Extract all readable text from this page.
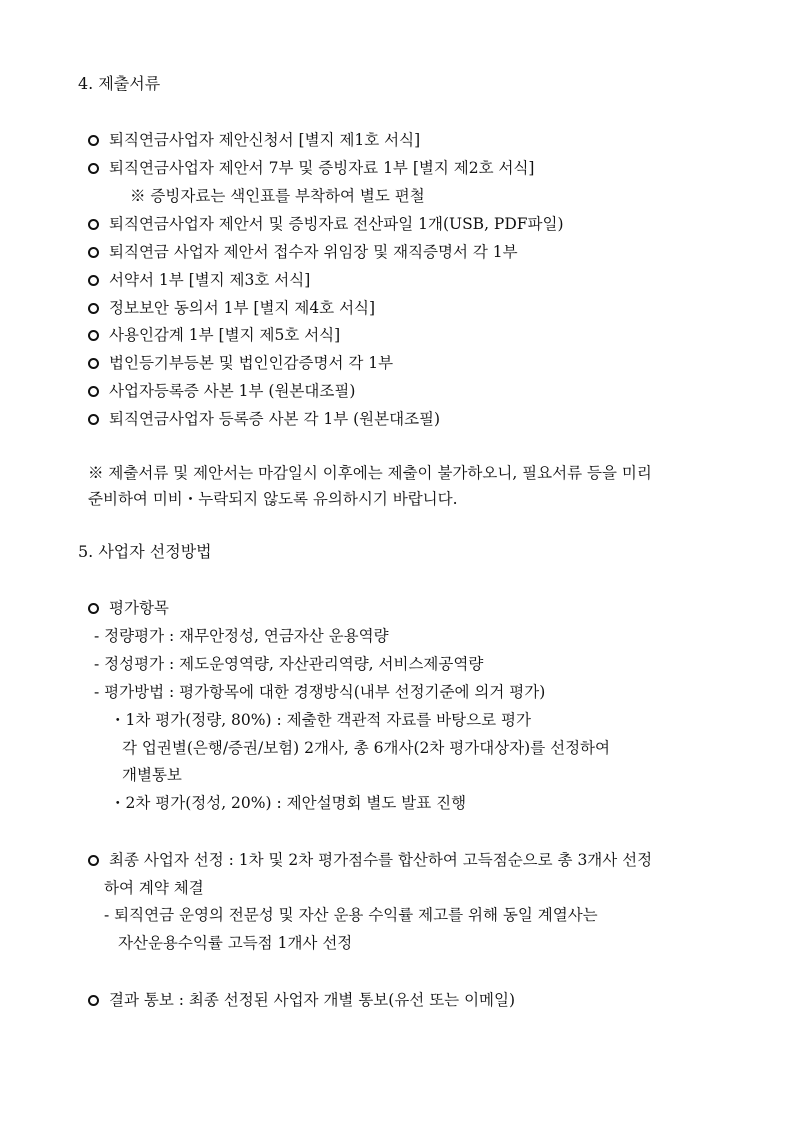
4. 제출서류
퇴직연금사업자 제안신청서 [별지 제1호 서식]
퇴직연금사업자 제안서 7부 및 증빙자료 1부 [별지 제2호 서식]
※ 증빙자료는 색인표를 부착하여 별도 편철
퇴직연금사업자 제안서 및 증빙자료 전산파일 1개(USB, PDF파일)
퇴직연금 사업자 제안서 접수자 위임장 및 재직증명서 각 1부
서약서 1부 [별지 제3호 서식]
정보보안 동의서 1부 [별지 제4호 서식]
사용인감계 1부 [별지 제5호 서식]
법인등기부등본 및 법인인감증명서 각 1부
사업자등록증 사본 1부 (원본대조필)
퇴직연금사업자 등록증 사본 각 1부 (원본대조필)
※ 제출서류 및 제안서는 마감일시 이후에는 제출이 불가하오니, 필요서류 등을 미리
준비하여 미비・누락되지 않도록 유의하시기 바랍니다.
5. 사업자 선정방법
평가항목
- 정량평가 : 재무안정성, 연금자산 운용역량
- 정성평가 : 제도운영역량, 자산관리역량, 서비스제공역량
- 평가방법 : 평가항목에 대한 경쟁방식(내부 선정기준에 의거 평가)
・1차 평가(정량, 80%) : 제출한 객관적 자료를 바탕으로 평가
각 업권별(은행/증권/보험) 2개사, 총 6개사(2차 평가대상자)를 선정하여
개별통보
・2차 평가(정성, 20%) : 제안설명회 별도 발표 진행
최종 사업자 선정 : 1차 및 2차 평가점수를 합산하여 고득점순으로 총 3개사 선정
하여 계약 체결
- 퇴직연금 운영의 전문성 및 자산 운용 수익률 제고를 위해 동일 계열사는
자산운용수익률 고득점 1개사 선정
결과 통보 : 최종 선정된 사업자 개별 통보(유선 또는 이메일)
